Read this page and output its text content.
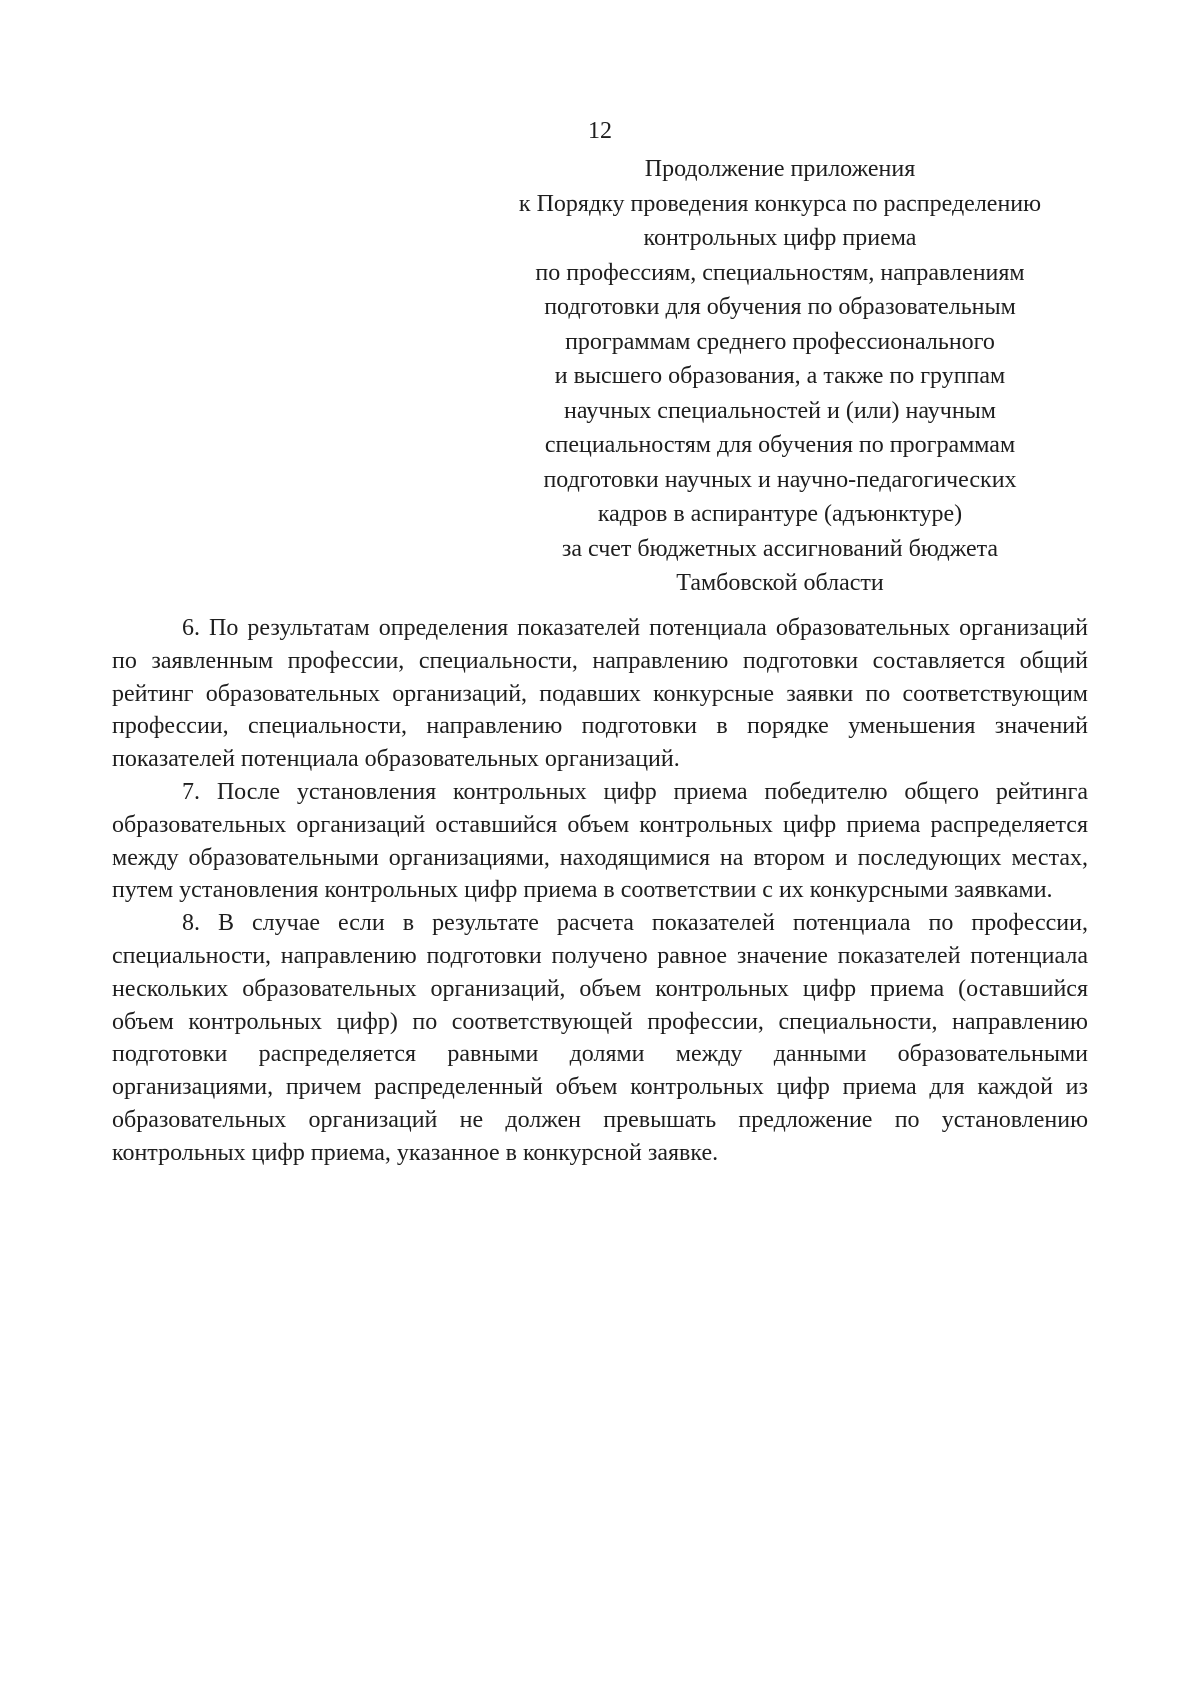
12

Продолжение приложения
к Порядку проведения конкурса по распределению
контрольных цифр приема
по профессиям, специальностям, направлениям
подготовки для обучения по образовательным
программам среднего профессионального
и высшего образования, а также по группам
научных специальностей и (или) научным
специальностям для обучения по программам
подготовки научных и научно-педагогических
кадров в аспирантуре (адъюнктуре)
за счет бюджетных ассигнований бюджета
Тамбовской области

6. По результатам определения показателей потенциала образовательных организаций по заявленным профессии, специальности, направлению подготовки составляется общий рейтинг образовательных организаций, подавших конкурсные заявки по соответствующим профессии, специальности, направлению подготовки в порядке уменьшения значений показателей потенциала образовательных организаций.

7. После установления контрольных цифр приема победителю общего рейтинга образовательных организаций оставшийся объем контрольных цифр приема распределяется между образовательными организациями, находящимися на втором и последующих местах, путем установления контрольных цифр приема в соответствии с их конкурсными заявками.

8. В случае если в результате расчета показателей потенциала по профессии, специальности, направлению подготовки получено равное значение показателей потенциала нескольких образовательных организаций, объем контрольных цифр приема (оставшийся объем контрольных цифр) по соответствующей профессии, специальности, направлению подготовки распределяется равными долями между данными образовательными организациями, причем распределенный объем контрольных цифр приема для каждой из образовательных организаций не должен превышать предложение по установлению контрольных цифр приема, указанное в конкурсной заявке.
